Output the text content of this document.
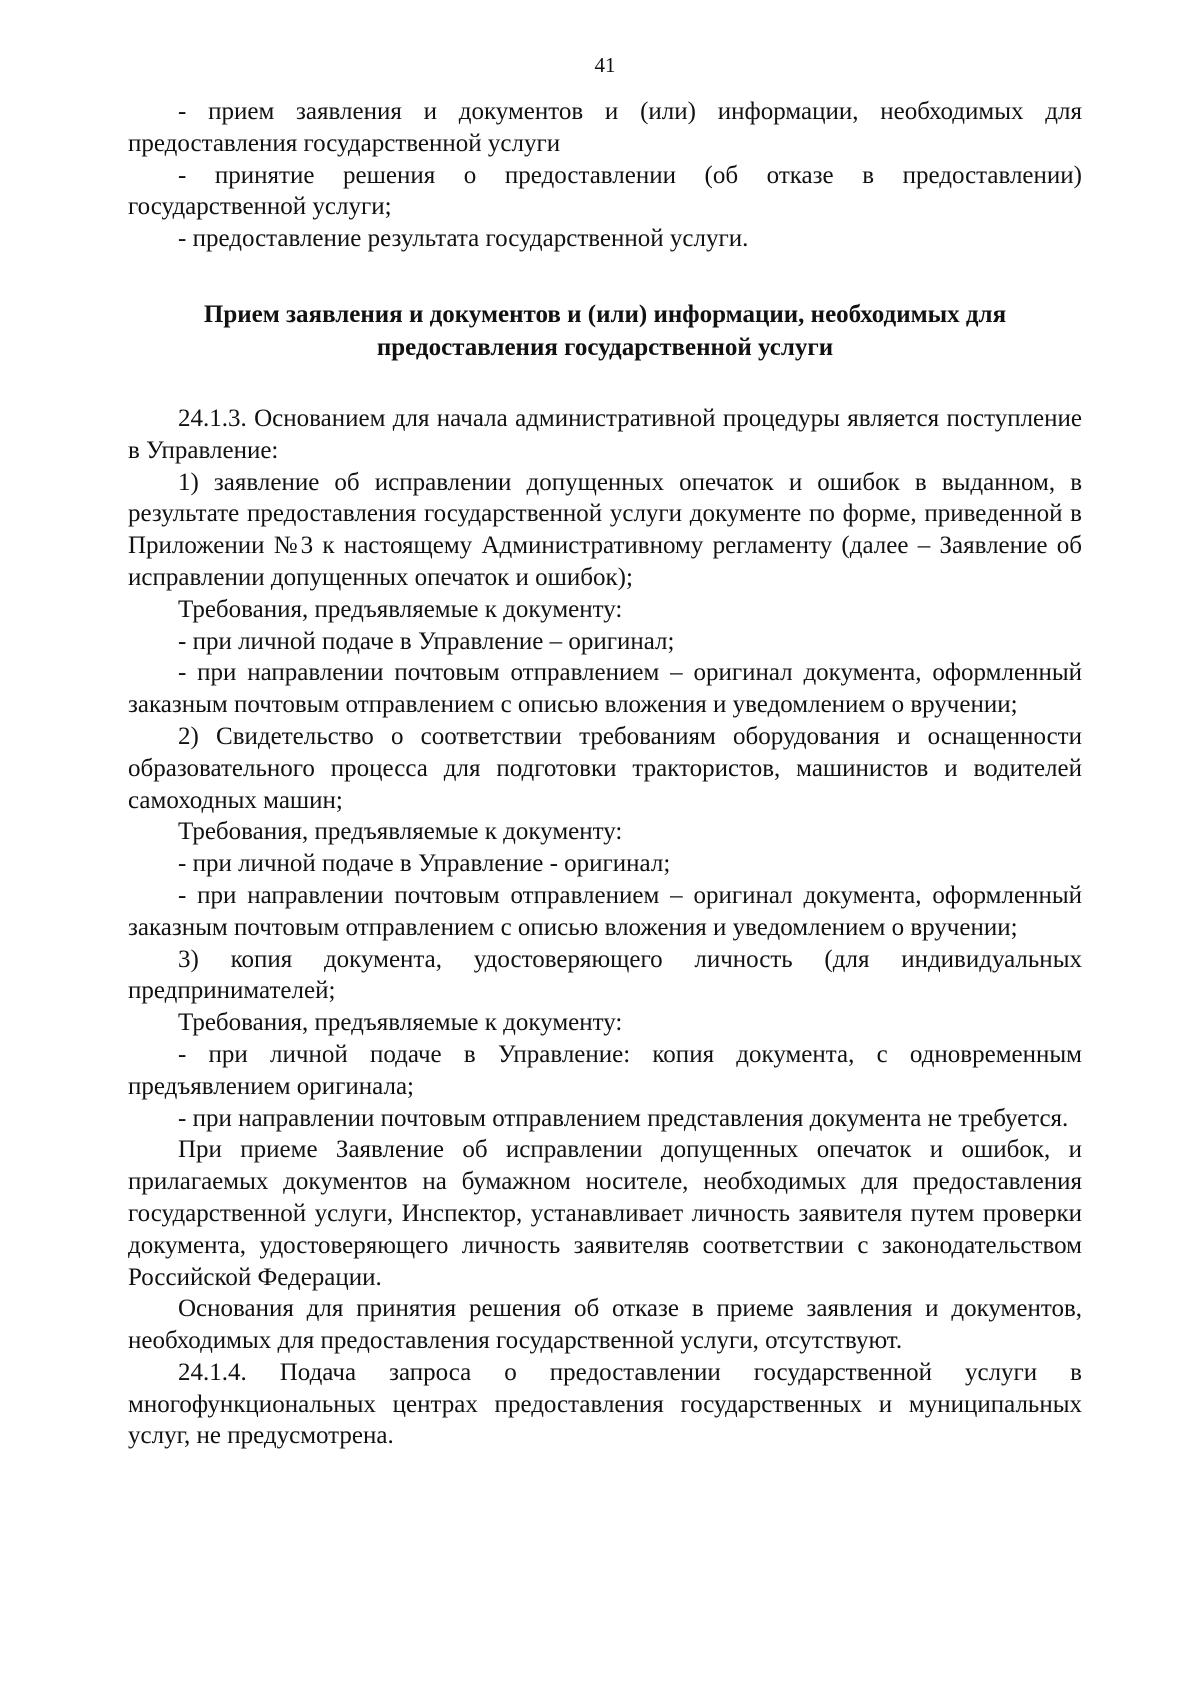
41

- прием заявления и документов и (или) информации, необходимых для предоставления государственной услуги

- принятие решения о предоставлении (об отказе в предоставлении) государственной услуги;

- предоставление результата государственной услуги.

Прием заявления и документов и (или) информации, необходимых для
предоставления государственной услуги

24.1.3. Основанием для начала административной процедуры является поступление в Управление:

1) заявление об исправлении допущенных опечаток и ошибок в выданном, в результате предоставления государственной услуги документе по форме, приведенной в Приложении №3 к настоящему Административному регламенту (далее – Заявление об исправлении допущенных опечаток и ошибок);

Требования, предъявляемые к документу:

- при личной подаче в Управление – оригинал;

- при направлении почтовым отправлением – оригинал документа, оформленный заказным почтовым отправлением с описью вложения и уведомлением о вручении;

2) Свидетельство о соответствии требованиям оборудования и оснащенности образовательного процесса для подготовки трактористов, машинистов и водителей самоходных машин;

Требования, предъявляемые к документу:

- при личной подаче в Управление - оригинал;

- при направлении почтовым отправлением – оригинал документа, оформленный заказным почтовым отправлением с описью вложения и уведомлением о вручении;

3) копия документа, удостоверяющего личность (для индивидуальных предпринимателей;

Требования, предъявляемые к документу:

- при личной подаче в Управление: копия документа, с одновременным предъявлением оригинала;

- при направлении почтовым отправлением представления документа не требуется.

При приеме Заявление об исправлении допущенных опечаток и ошибок, и прилагаемых документов на бумажном носителе, необходимых для предоставления государственной услуги, Инспектор, устанавливает личность заявителя путем проверки документа, удостоверяющего личность заявителяв соответствии с законодательством Российской Федерации.

Основания для принятия решения об отказе в приеме заявления и документов, необходимых для предоставления государственной услуги, отсутствуют.

24.1.4. Подача запроса о предоставлении государственной услуги в многофункциональных центрах предоставления государственных и муниципальных услуг, не предусмотрена.
